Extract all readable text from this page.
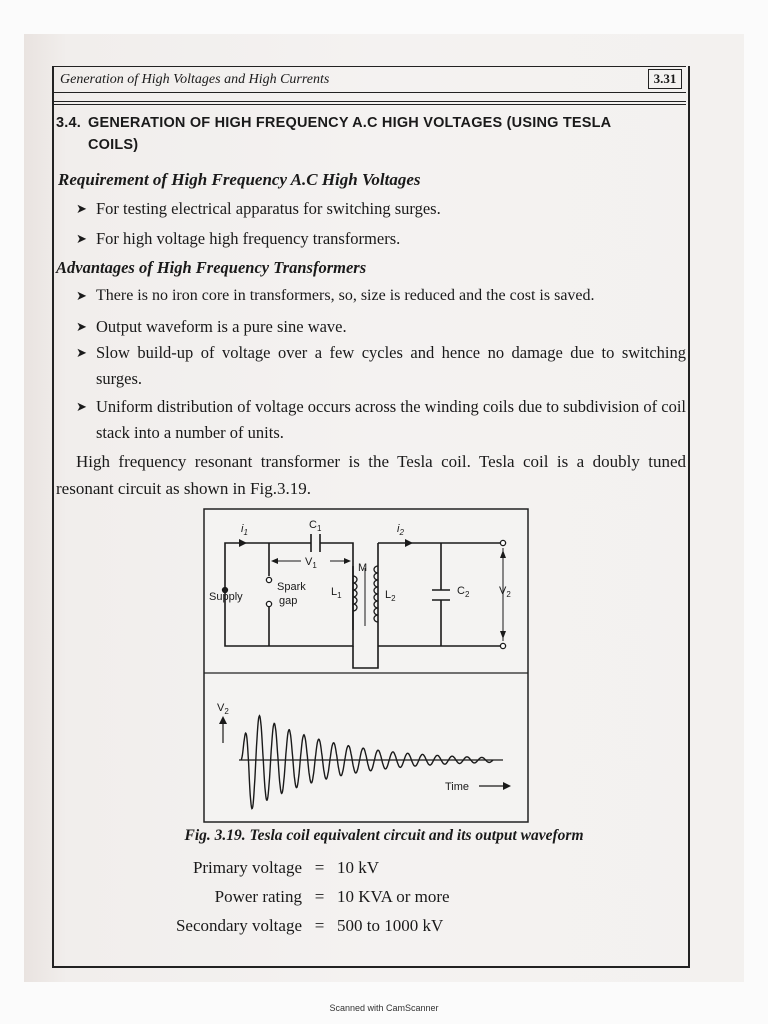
Generation of High Voltages and High Currents	3.31
3.4. GENERATION OF HIGH FREQUENCY A.C HIGH VOLTAGES (USING TESLA
COILS)
Requirement of High Frequency A.C High Voltages
➤ For testing electrical apparatus for switching surges.
➤ For high voltage high frequency transformers.
Advantages of High Frequency Transformers
➤ There is no iron core in transformers, so, size is reduced and the cost is saved.
➤ Output waveform is a pure sine wave.
➤ Slow build-up of voltage over a few cycles and hence no damage due to switching surges.
➤ Uniform distribution of voltage occurs across the winding coils due to subdivision of coil stack into a number of units.
High frequency resonant transformer is the Tesla coil. Tesla coil is a doubly tuned resonant circuit as shown in Fig.3.19.
$i_1$
$C_1$	$i_2$
$V_1$	M
Spark
gap
Supply	$L_1$	$L_2$
$C_2$	$V_2$
$V_2$
Time
Fig. 3.19. Tesla coil equivalent circuit and its output waveform
Primary voltage = 10 kV
Power rating = 10 KVA or more
Secondary voltage = 500 to 1000 kV
Scanned with CamScanner
